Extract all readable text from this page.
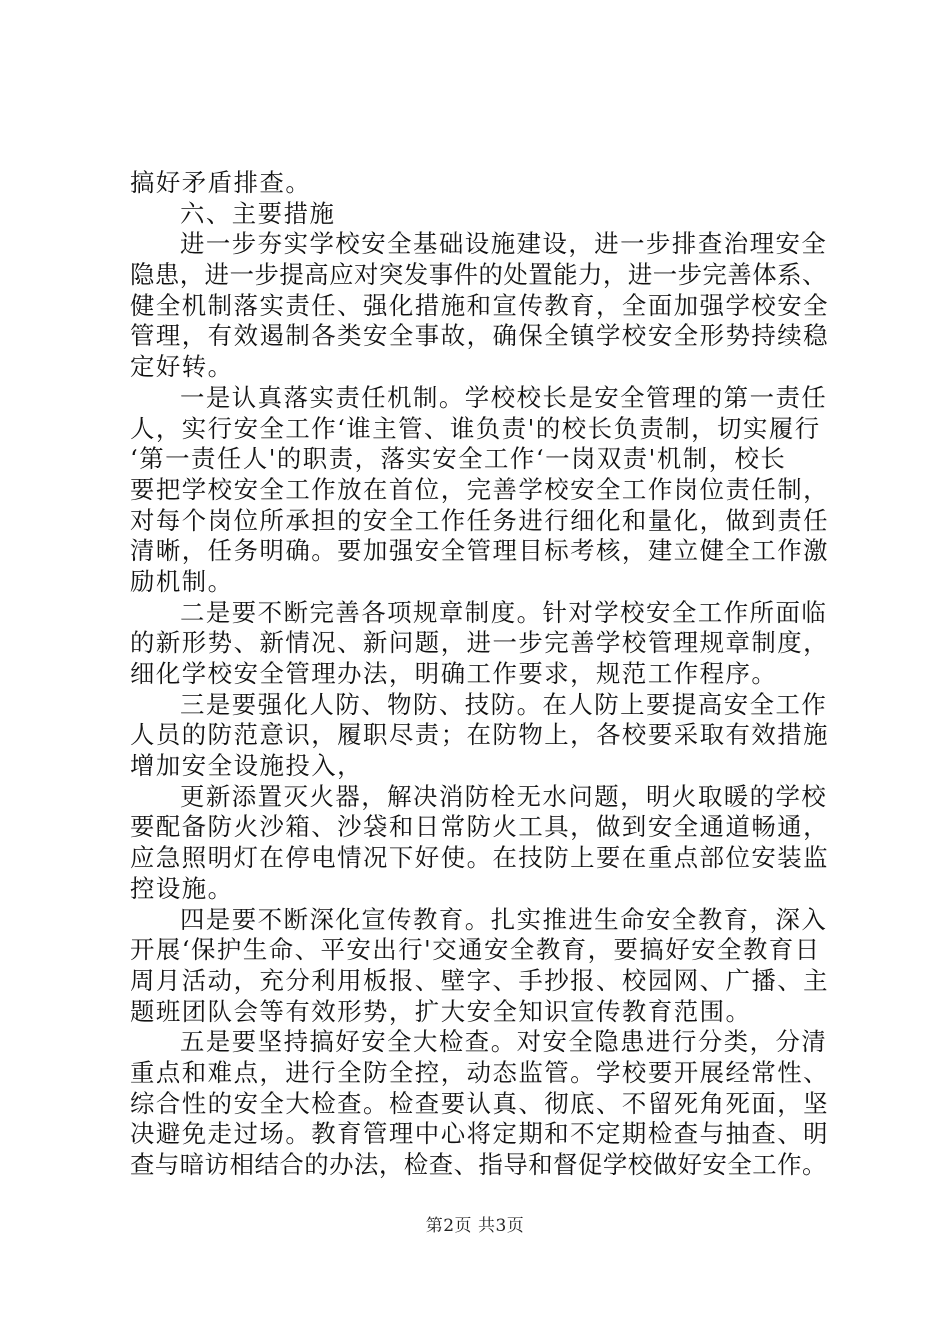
搞好矛盾排查。
六、主要措施
进一步夯实学校安全基础设施建设，进一步排查治理安全
隐患，进一步提高应对突发事件的处置能力，进一步完善体系、
健全机制落实责任、强化措施和宣传教育，全面加强学校安全
管理，有效遏制各类安全事故，确保全镇学校安全形势持续稳
定好转。
一是认真落实责任机制。学校校长是安全管理的第一责任
人，实行安全工作‘谁主管、谁负责'的校长负责制，切实履行
‘第一责任人'的职责，落实安全工作‘一岗双责'机制，校长
要把学校安全工作放在首位，完善学校安全工作岗位责任制，
对每个岗位所承担的安全工作任务进行细化和量化，做到责任
清晰，任务明确。要加强安全管理目标考核，建立健全工作激
励机制。
二是要不断完善各项规章制度。针对学校安全工作所面临
的新形势、新情况、新问题，进一步完善学校管理规章制度，
细化学校安全管理办法，明确工作要求，规范工作程序。
三是要强化人防、物防、技防。在人防上要提高安全工作
人员的防范意识，履职尽责；在防物上，各校要采取有效措施
增加安全设施投入，
更新添置灭火器，解决消防栓无水问题，明火取暖的学校
要配备防火沙箱、沙袋和日常防火工具，做到安全通道畅通，
应急照明灯在停电情况下好使。在技防上要在重点部位安装监
控设施。
四是要不断深化宣传教育。扎实推进生命安全教育，深入
开展‘保护生命、平安出行'交通安全教育，要搞好安全教育日
周月活动，充分利用板报、壁字、手抄报、校园网、广播、主
题班团队会等有效形势，扩大安全知识宣传教育范围。
五是要坚持搞好安全大检查。对安全隐患进行分类，分清
重点和难点，进行全防全控，动态监管。学校要开展经常性、
综合性的安全大检查。检查要认真、彻底、不留死角死面，坚
决避免走过场。教育管理中心将定期和不定期检查与抽查、明
查与暗访相结合的办法，检查、指导和督促学校做好安全工作。
第2页 共3页
